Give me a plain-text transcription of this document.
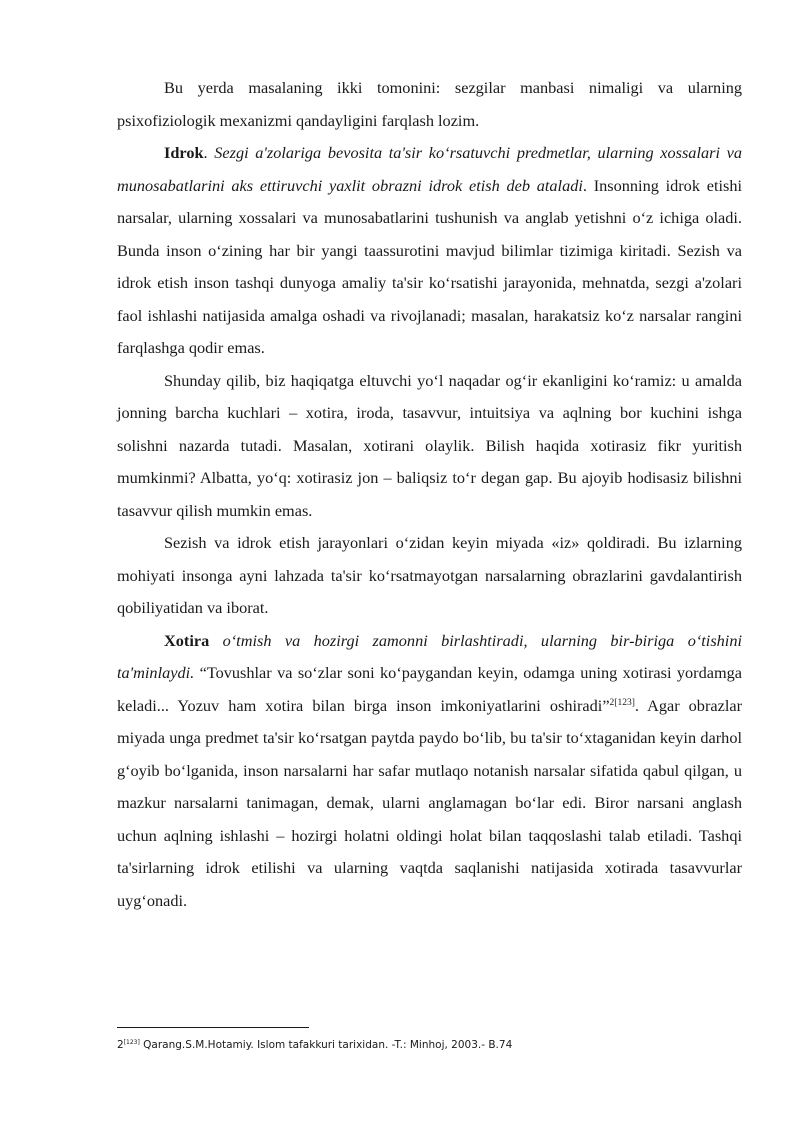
Bu yerda masalaning ikki tomonini: sezgilar manbasi nimaligi va ularning psixofiziologik mexanizmi qandayligini farqlash lozim.

Idrok. Sezgi a'zolariga bevosita ta'sir ko‘rsatuvchi predmetlar, ularning xossalari va munosabatlarini aks ettiruvchi yaxlit obrazni idrok etish deb ataladi. Insonning idrok etishi narsalar, ularning xossalari va munosabatlarini tushunish va anglab yetishni o‘z ichiga oladi. Bunda inson o‘zining har bir yangi taassurotini mavjud bilimlar tizimiga kiritadi. Sezish va idrok etish inson tashqi dunyoga amaliy ta'sir ko‘rsatishi jarayonida, mehnatda, sezgi a'zolari faol ishlashi natijasida amalga oshadi va rivojlanadi; masalan, harakatsiz ko‘z narsalar rangini farqlashga qodir emas.

Shunday qilib, biz haqiqatga eltuvchi yo‘l naqadar og‘ir ekanligini ko‘ramiz: u amalda jonning barcha kuchlari – xotira, iroda, tasavvur, intuitsiya va aqlning bor kuchini ishga solishni nazarda tutadi. Masalan, xotirani olaylik. Bilish haqida xotirasiz fikr yuritish mumkinmi? Albatta, yo‘q: xotirasiz jon – baliqsiz to‘r degan gap. Bu ajoyib hodisasiz bilishni tasavvur qilish mumkin emas.

Sezish va idrok etish jarayonlari o‘zidan keyin miyada «iz» qoldiradi. Bu izlarning mohiyati insonga ayni lahzada ta'sir ko‘rsatmayotgan narsalarning obrazlarini gavdalantirish qobiliyatidan va iborat.

Xotira o‘tmish va hozirgi zamonni birlashtiradi, ularning bir-biriga o‘tishini ta'minlaydi. “Tovushlar va so‘zlar soni ko‘paygandan keyin, odamga uning xotirasi yordamga keladi... Yozuv ham xotira bilan birga inson imkoniyatlarini oshiradi”$^{2[123]}$. Agar obrazlar miyada unga predmet ta'sir ko‘rsatgan paytda paydo bo‘lib, bu ta'sir to‘xtaganidan keyin darhol g‘oyib bo‘lganida, inson narsalarni har safar mutlaqo notanish narsalar sifatida qabul qilgan, u mazkur narsalarni tanimagan, demak, ularni anglamagan bo‘lar edi. Biror narsani anglash uchun aqlning ishlashi – hozirgi holatni oldingi holat bilan taqqoslashi talab etiladi. Tashqi ta'sirlarning idrok etilishi va ularning vaqtda saqlanishi natijasida xotirada tasavvurlar uyg‘onadi.

2[123] Qarang.S.M.Hotamiy. Islom tafakkuri tarixidan. -T.: Minhoj, 2003.- B.74
